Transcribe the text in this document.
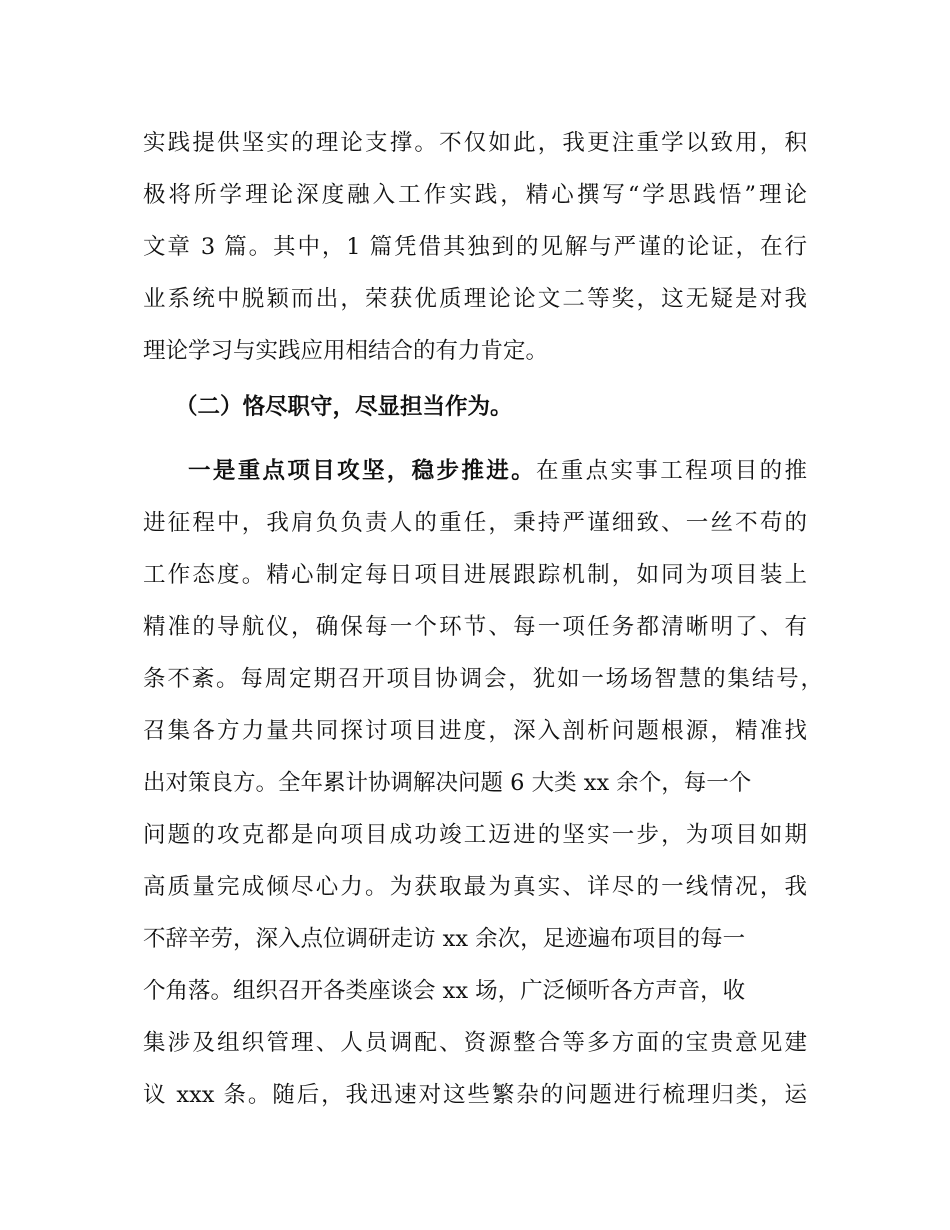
实践提供坚实的理论支撑。不仅如此，我更注重学以致用，积
极将所学理论深度融入工作实践，精心撰写“学思践悟”理论
文章 3 篇。其中，1 篇凭借其独到的见解与严谨的论证，在行
业系统中脱颖而出，荣获优质理论论文二等奖，这无疑是对我
理论学习与实践应用相结合的有力肯定。
（二）恪尽职守，尽显担当作为。
一是重点项目攻坚，稳步推进。在重点实事工程项目的推
进征程中，我肩负负责人的重任，秉持严谨细致、一丝不苟的
工作态度。精心制定每日项目进展跟踪机制，如同为项目装上
精准的导航仪，确保每一个环节、每一项任务都清晰明了、有
条不紊。每周定期召开项目协调会，犹如一场场智慧的集结号，
召集各方力量共同探讨项目进度，深入剖析问题根源，精准找
出对策良方。全年累计协调解决问题 6 大类 xx 余个，每一个
问题的攻克都是向项目成功竣工迈进的坚实一步，为项目如期
高质量完成倾尽心力。为获取最为真实、详尽的一线情况，我
不辞辛劳，深入点位调研走访 xx 余次，足迹遍布项目的每一
个角落。组织召开各类座谈会 xx 场，广泛倾听各方声音，收
集涉及组织管理、人员调配、资源整合等多方面的宝贵意见建
议 xxx 条。随后，我迅速对这些繁杂的问题进行梳理归类，运
